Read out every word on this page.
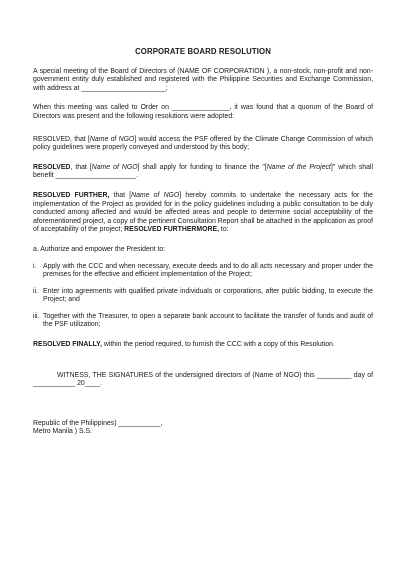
CORPORATE BOARD RESOLUTION

A special meeting of the Board of Directors of (NAME OF CORPORATION ), a non-stock, non-profit and non-government entity duly established and registered with the Philippine Securities and Exchange Commission, with address at ______________________;

When this meeting was called to Order on _______________, it was found that a quorum of the Board of Directors was present and the following resolutions were adopted:

RESOLVED, that [Name of NGO] would access the PSF offered by the Climate Change Commission of which policy guidelines were properly conveyed and understood by this body;

RESOLVED, that [Name of NGO] shall apply for funding to finance the "[Name of the Project]" which shall benefit _____________________.

RESOLVED FURTHER, that [Name of NGO] hereby commits to undertake the necessary acts for the implementation of the Project as provided for in the policy guidelines including a public consultation to be duly conducted among affected and would be affected areas and people to determine social acceptability of the aforementioned project, a copy of the pertinent Consultation Report shall be attached in the application as proof of acceptability of the project; RESOLVED FURTHERMORE, to:

a. Authorize and empower the President to:

i. Apply with the CCC and when necessary, execute deeds and to do all acts necessary and proper under the premises for the effective and efficient implementation of the Project;
ii. Enter into agreements with qualified private individuals or corporations, after public bidding, to execute the Project; and
iii. Together with the Treasurer, to open a separate bank account to facilitate the transfer of funds and audit of the PSF utilization;

RESOLVED FINALLY, within the period required, to furnish the CCC with a copy of this Resolution.

WITNESS, THE SIGNATURES of the undersigned directors of (Name of NGO) this _________ day of ___________ 20____.

Republic of the Philippines) ___________,

Metro Manila ) S.S.
